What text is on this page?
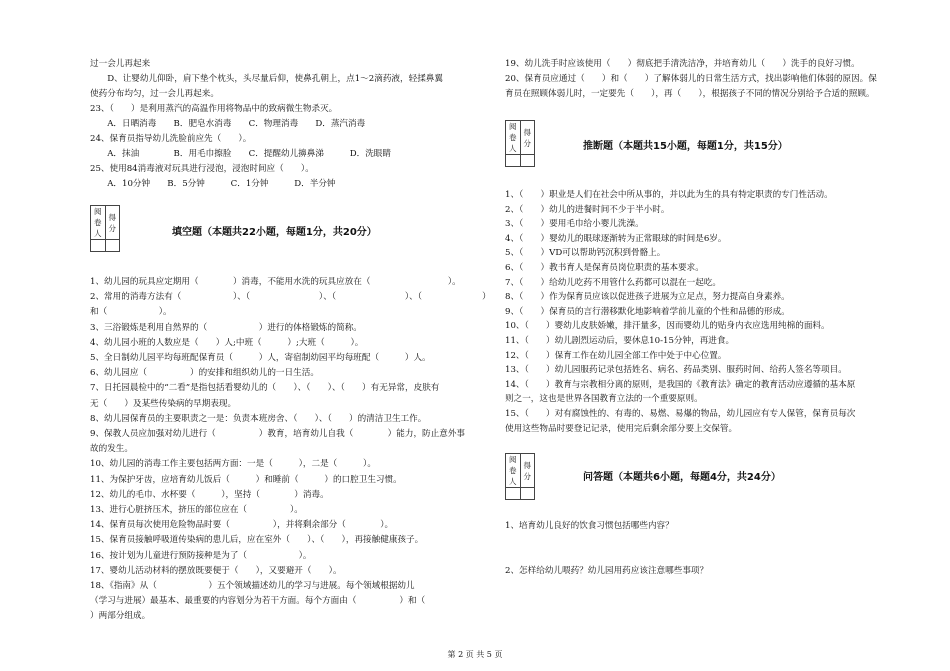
过一会儿再起来
　　D、让婴幼儿仰卧，肩下垫个枕头，头尽量后仰，使鼻孔朝上，点1～2滴药液，轻揉鼻翼
使药分布均匀，过一会儿再起来。
23、（　　）是利用蒸汽的高温作用将物品中的致病微生物杀灭。
　　A．日晒消毒　　B．肥皂水消毒　　C．物理消毒　　D．蒸汽消毒
24、保育员指导幼儿洗脸前应先（　　）。
　　A．抹油　　　　B．用毛巾擦脸　　C．提醒幼儿擤鼻涕　　　D．洗眼睛
25、使用84消毒液对玩具进行浸泡，浸泡时间应（　　）。
　　A．10分钟　　B．5分钟　　　C．1分钟　　　D．半分钟
阅卷人	得分
		填空题（本题共22小题，每题1分，共20分）
1、幼儿园的玩具应定期用（　　　　）消毒，不能用水洗的玩具应放在（　　　　　　　　　）。
2、常用的消毒方法有（　　　　　　）、（　　　　　　　　）、（　　　　　　　　）、（　　　　　　　）
和（　　　　　　）。
3、三浴锻炼是利用自然界的（　　　　　　）进行的体格锻炼的简称。
4、幼儿园小班的人数应是（　　）人;中班（　　　）;大班（　　　）。
5、全日制幼儿园平均每班配保育员（　　　）人，寄宿制幼园平均每班配（　　　）人。
6、幼儿园应（　　　　　）的安排和组织幼儿的一日生活。
7、日托园晨检中的“二看”是指包括看婴幼儿的（　　）、（　　）、（　　）有无异常，皮肤有
无（　　）及某些传染病的早期表现。
8、幼儿园保育员的主要职责之一是：负责本班房舍、（　　）、（　　）的清洁卫生工作。
9、保教人员应加强对幼儿进行（　　　　　）教育，培育幼儿自我（　　　　）能力，防止意外事
故的发生。
10、幼儿园的消毒工作主要包括两方面：一是（　　　），二是（　　　）。
11、为保护牙齿，应培育幼儿饭后（　　　）和睡前（　　　）的口腔卫生习惯。
12、幼儿的毛巾、水杯要（　　　），坚持（　　　　）消毒。
13、进行心脏挤压术，挤压的部位应在（　　　　　）。
14、保育员每次使用危险物品时要（　　　　　），并将剩余部分（　　　　）。
15、保育员接触呼吸道传染病的患儿后，应在室外（　　）、（　　），再接触健康孩子。
16、按计划为儿童进行预防接种是为了（　　　　　　）。
17、婴幼儿活动材料的摆放既要便于（　　），又要避开（　　）。
18、《指南》从（　　　　　　）五个领域描述幼儿的学习与进展。每个领域根据幼儿
（学习与进展）最基本、最重要的内容划分为若干方面。每个方面由（　　　　　）和（　　　
）两部分组成。
19、幼儿洗手时应该使用（　　）彻底把手清洗洁净，并培育幼儿（　　）洗手的良好习惯。
20、保育员应通过（　　）和（　　）了解体弱儿的日常生活方式，找出影响他们体弱的原因。保
育员在照顾体弱儿时，一定要先（　　），再（　　），根据孩子不同的情况分别给予合适的照顾。
阅卷人	得分
		推断题（本题共15小题，每题1分，共15分）
1、（　　）职业是人们在社会中所从事的，并以此为生的具有特定职责的专门性活动。
2、（　　）幼儿的进餐时间不少于半小时。
3、（　　）要用毛巾给小婴儿洗澡。
4、（　　）婴幼儿的眼球逐渐转为正常眼球的时间是6岁。
5、（　　）VD可以帮助钙沉积到骨骼上。
6、（　　）教书育人是保育员岗位职责的基本要求。
7、（　　）给幼儿吃药不用管什么药都可以混在一起吃。
8、（　　）作为保育员应该以促进孩子进展为立足点，努力提高自身素养。
9、（　　）保育员的言行潜移默化地影响着学前儿童的个性和品德的形成。
10、（　　）婴幼儿皮肤娇嫩，排汗量多，因而婴幼儿的贴身内衣应选用纯棉的面料。
11、（　　）幼儿剧烈运动后，要休息10-15分钟，再进食。
12、（　　）保育工作在幼儿园全部工作中处于中心位置。
13、（　　）幼儿园服药记录包括姓名、病名、药品类别、服药时间、给药人签名等项目。
14、（　　）教育与宗教相分离的原则，是我国的《教育法》确定的教育活动应遵循的基本原
则之一，这也是世界各国教育立法的一个重要原则。
15、（　　）对有腐蚀性的、有毒的、易燃、易爆的物品，幼儿园应有专人保管，保育员每次
使用这些物品时要登记记录，使用完后剩余部分要上交保管。
阅卷人	得分
		问答题（本题共6小题，每题4分，共24分）
1、培育幼儿良好的饮食习惯包括哪些内容？
2、怎样给幼儿喂药？幼儿园用药应该注意哪些事项？
第 2 页 共 5 页
